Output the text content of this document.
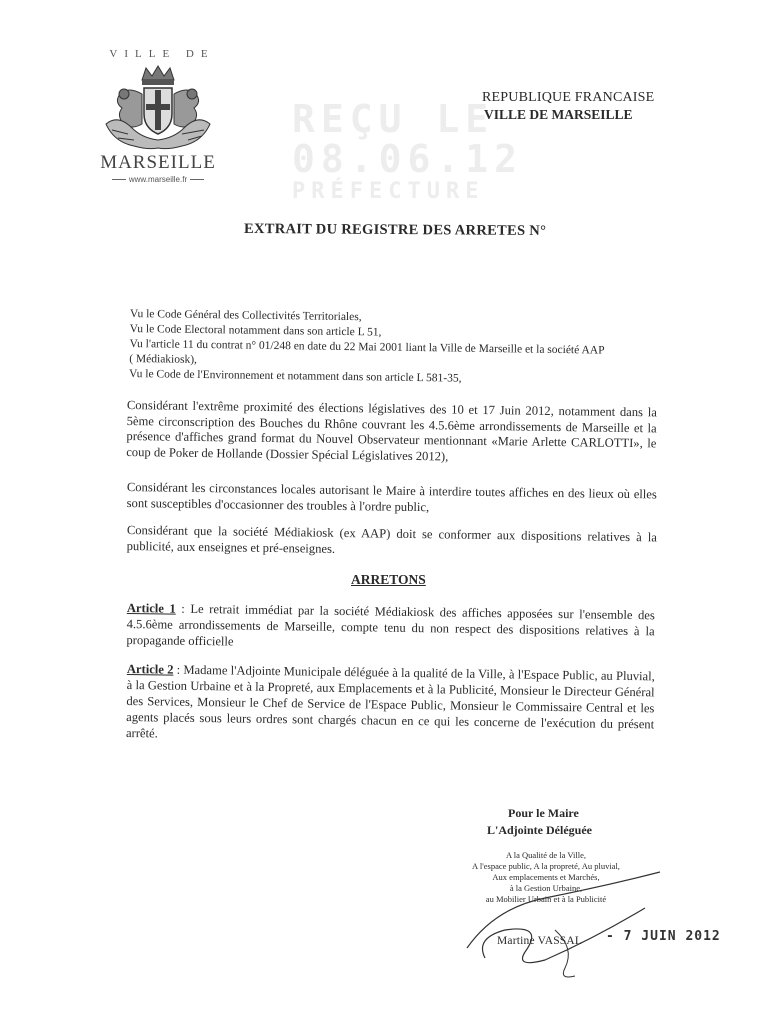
VILLE DE
MARSEILLE
www.marseille.fr
REÇU LE
08.06.12
PRÉFECTURE
REPUBLIQUE FRANCAISE
VILLE DE MARSEILLE
EXTRAIT DU REGISTRE DES ARRETES N°
Vu le Code Général des Collectivités Territoriales,
Vu le Code Electoral notamment dans son article L 51,
Vu l'article 11 du contrat n° 01/248 en date du 22 Mai 2001 liant la Ville de Marseille et la société AAP
( Médiakiosk),
Vu le Code de l'Environnement et notamment dans son article L 581-35,
Considérant l'extrême proximité des élections législatives des 10 et 17 Juin 2012, notamment dans la 5ème circonscription des Bouches du Rhône couvrant les 4.5.6ème arrondissements de Marseille et la présence d'affiches grand format du Nouvel Observateur mentionnant «Marie Arlette CARLOTTI», le coup de Poker de Hollande (Dossier Spécial Législatives 2012),
Considérant les circonstances locales autorisant le Maire à interdire toutes affiches en des lieux où elles sont susceptibles d'occasionner des troubles à l'ordre public,
Considérant que la société Médiakiosk (ex AAP) doit se conformer aux dispositions relatives à la publicité, aux enseignes et pré-enseignes.
ARRETONS
Article 1 : Le retrait immédiat par la société Médiakiosk des affiches apposées sur l'ensemble des 4.5.6ème arrondissements de Marseille, compte tenu du non respect des dispositions relatives à la propagande officielle
Article 2 : Madame l'Adjointe Municipale déléguée à la qualité de la Ville, à l'Espace Public, au Pluvial, à la Gestion Urbaine et à la Propreté, aux Emplacements et à la Publicité, Monsieur le Directeur Général des Services, Monsieur le Chef de Service de l'Espace Public, Monsieur le Commissaire Central et les agents placés sous leurs ordres sont chargés chacun en ce qui les concerne de l'exécution du présent arrêté.
Pour le Maire
L'Adjointe Déléguée
A la Qualité de la Ville,
A l'espace public, A la propreté, Au pluvial,
Aux emplacements et Marchés,
à la Gestion Urbaine,
au Mobilier Urbain et à la Publicité
Martine VASSAL - 7 JUIN 2012
